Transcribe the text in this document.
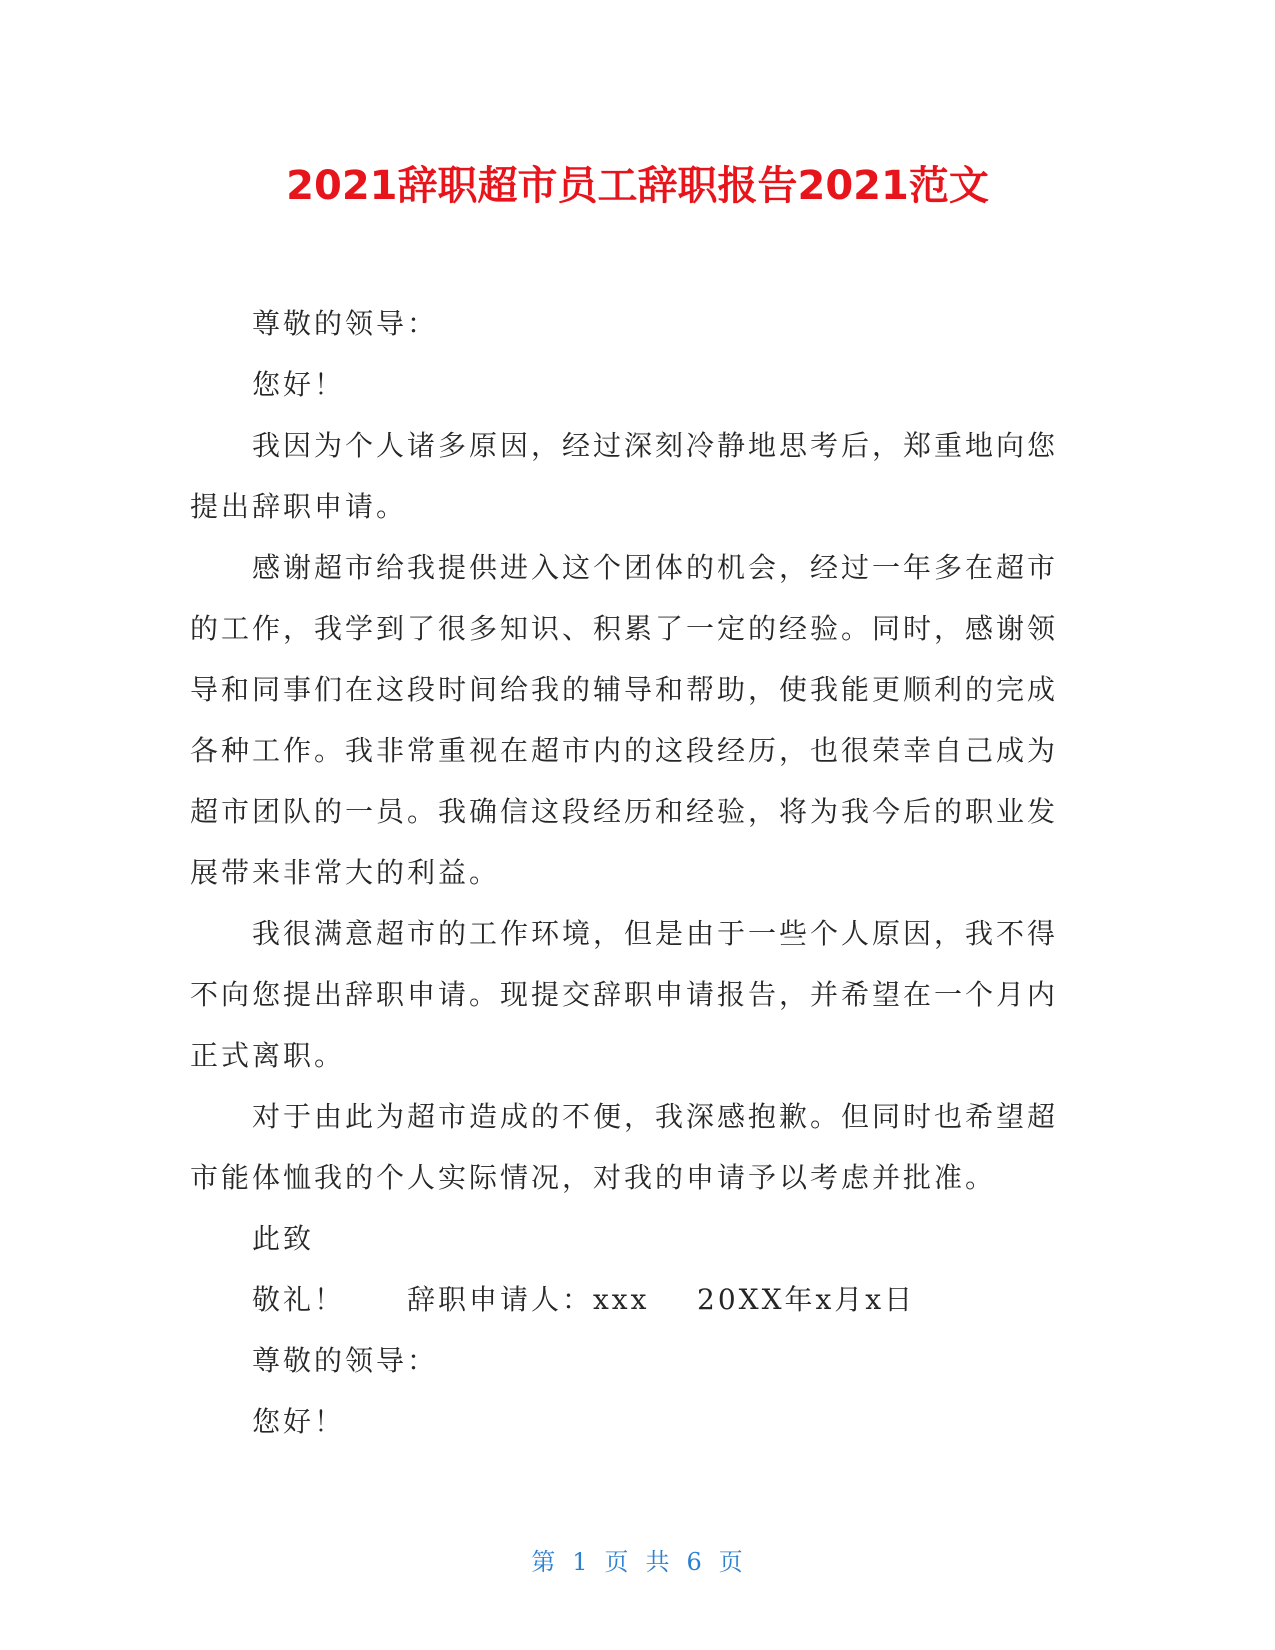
2021辞职超市员工辞职报告2021范文

尊敬的领导：

您好！

我因为个人诸多原因，经过深刻冷静地思考后，郑重地向您提出辞职申请。

感谢超市给我提供进入这个团体的机会，经过一年多在超市的工作，我学到了很多知识、积累了一定的经验。同时，感谢领导和同事们在这段时间给我的辅导和帮助，使我能更顺利的完成各种工作。我非常重视在超市内的这段经历，也很荣幸自己成为超市团队的一员。我确信这段经历和经验，将为我今后的职业发展带来非常大的利益。

我很满意超市的工作环境，但是由于一些个人原因，我不得不向您提出辞职申请。现提交辞职申请报告，并希望在一个月内正式离职。

对于由此为超市造成的不便，我深感抱歉。但同时也希望超市能体恤我的个人实际情况，对我的申请予以考虑并批准。

此致

敬礼！ 辞职申请人：xxx 20XX年x月x日

尊敬的领导：

您好！

第 1 页 共 6 页
